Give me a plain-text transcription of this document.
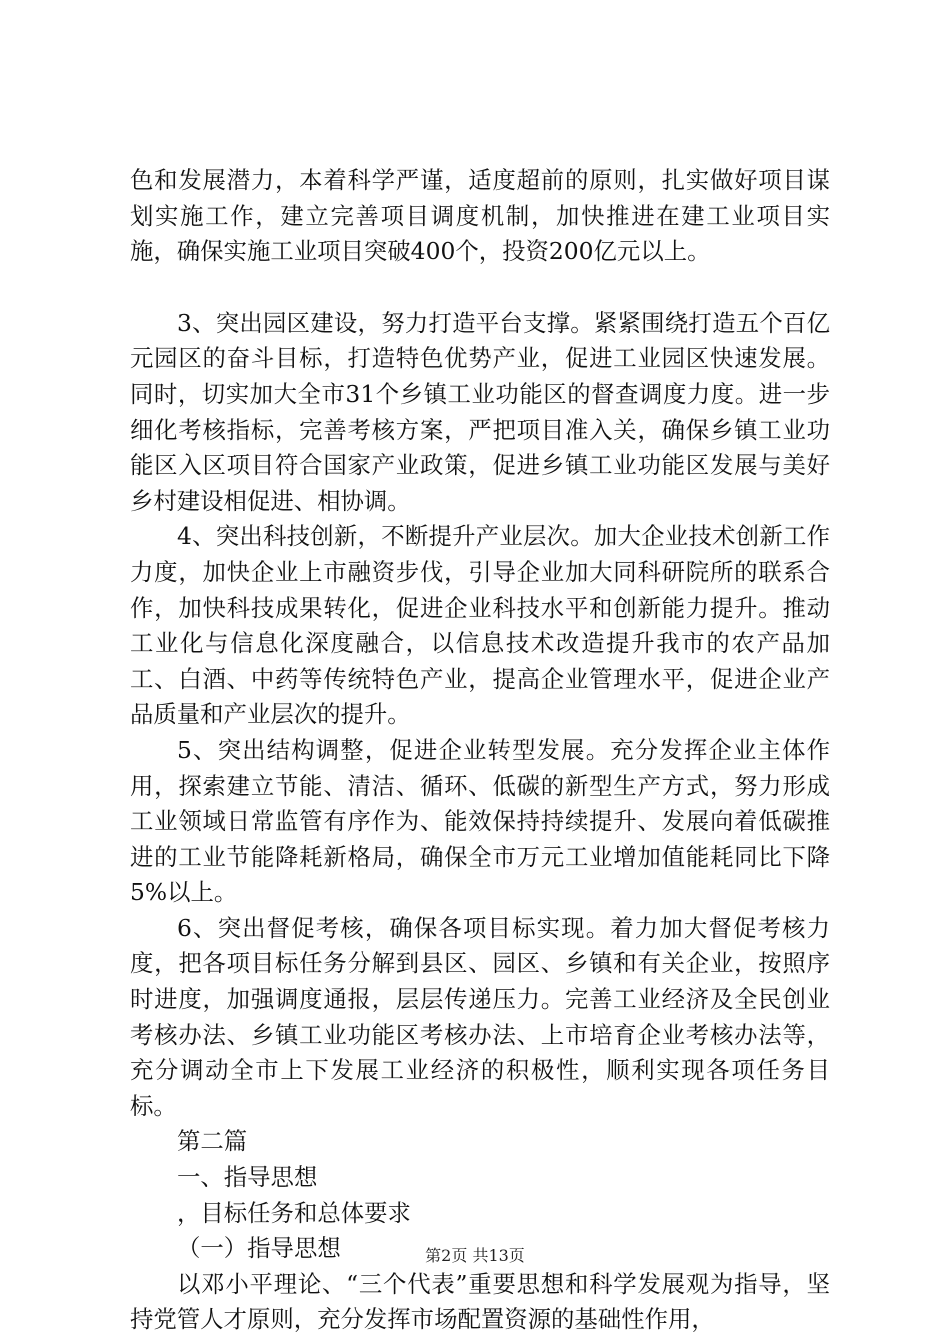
色和发展潜力，本着科学严谨，适度超前的原则，扎实做好项目谋划实施工作，建立完善项目调度机制，加快推进在建工业项目实施，确保实施工业项目突破400个，投资200亿元以上。

3、突出园区建设，努力打造平台支撑。紧紧围绕打造五个百亿元园区的奋斗目标，打造特色优势产业，促进工业园区快速发展。同时，切实加大全市31个乡镇工业功能区的督查调度力度。进一步细化考核指标，完善考核方案，严把项目准入关，确保乡镇工业功能区入区项目符合国家产业政策，促进乡镇工业功能区发展与美好乡村建设相促进、相协调。

4、突出科技创新，不断提升产业层次。加大企业技术创新工作力度，加快企业上市融资步伐，引导企业加大同科研院所的联系合作，加快科技成果转化，促进企业科技水平和创新能力提升。推动工业化与信息化深度融合，以信息技术改造提升我市的农产品加工、白酒、中药等传统特色产业，提高企业管理水平，促进企业产品质量和产业层次的提升。

5、突出结构调整，促进企业转型发展。充分发挥企业主体作用，探索建立节能、清洁、循环、低碳的新型生产方式，努力形成工业领域日常监管有序作为、能效保持持续提升、发展向着低碳推进的工业节能降耗新格局，确保全市万元工业增加值能耗同比下降5%以上。

6、突出督促考核，确保各项目标实现。着力加大督促考核力度，把各项目标任务分解到县区、园区、乡镇和有关企业，按照序时进度，加强调度通报，层层传递压力。完善工业经济及全民创业考核办法、乡镇工业功能区考核办法、上市培育企业考核办法等，充分调动全市上下发展工业经济的积极性，顺利实现各项任务目标。

第二篇

一、指导思想

，目标任务和总体要求

（一）指导思想

以邓小平理论、“三个代表”重要思想和科学发展观为指导，坚持党管人才原则，充分发挥市场配置资源的基础性作用，

第2页 共13页
